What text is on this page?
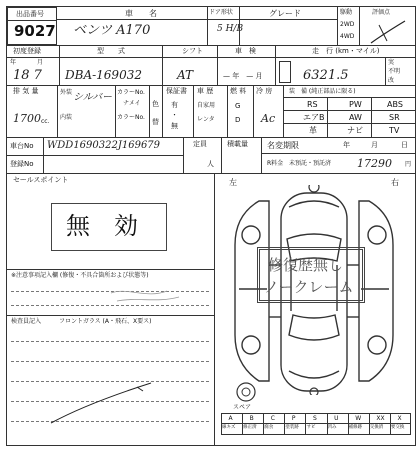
出品番号
9027
車　　名
ベンツ A170
ドア形状
5 H/B
グレード	駆動
2WD
4WD
評価点
初度登録	型　　式	シフト	車　検	走　行 (km・マイル)
年	月
18 7 DBA-169032	AT	— 年　— 月	6321.5
実
不明
改
排 気 量	外装 シルバー
内装
1700 cc.
カラーNo.
ナメイ
カラーNo.
色
替
保証書
有
・
無
車 歴
自家用
レンタ
燃 料
G
D
冷 房
Ac
装　備 (純正部品に限る)
RS	PW	ABS
エアB	AW	SR
革	ナビ	TV
車台No WDD1690322J169679	定員
人
積載量 名変期限	年	月	日
登録No	R料金 未預託・預託済 17290 円
セールスポイント
無　効
※注意事項記入欄 (修復・不具合箇所および状態等)
検査員記入	フロントガラス (A・飛石、X要ス)
左	右
修復歴無し
ノークレーム
スペア
A
線キズ
B
修正済
C
腐食
P
塗装跡
S
サビ
U
凹み
W
補修跡
XX
交換済
X
要交換
